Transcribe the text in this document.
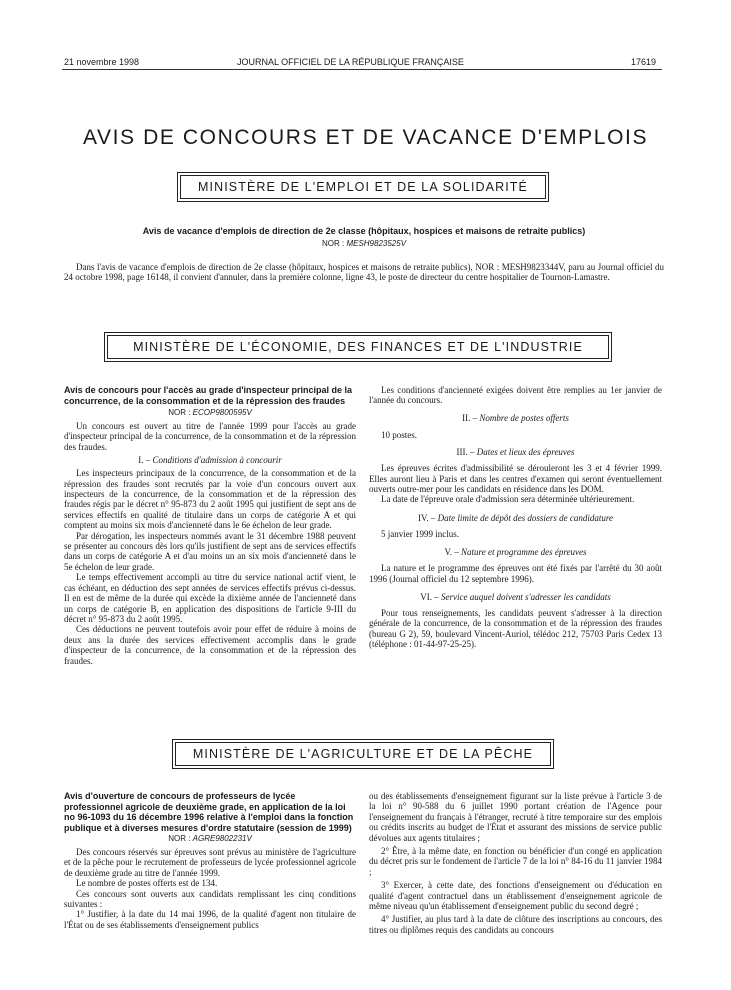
21 novembre 1998	JOURNAL OFFICIEL DE LA RÉPUBLIQUE FRANÇAISE	17619
AVIS DE CONCOURS ET DE VACANCE D'EMPLOIS
MINISTÈRE DE L'EMPLOI ET DE LA SOLIDARITÉ
Avis de vacance d'emplois de direction de 2e classe (hôpitaux, hospices et maisons de retraite publics)
NOR : MESH9823525V

Dans l'avis de vacance d'emplois de direction de 2e classe (hôpitaux, hospices et maisons de retraite publics), NOR : MESH9823344V, paru au Journal officiel du 24 octobre 1998, page 16148, il convient d'annuler, dans la première colonne, ligne 43, le poste de directeur du centre hospitalier de Tournon-Lamastre.

MINISTÈRE DE L'ÉCONOMIE, DES FINANCES ET DE L'INDUSTRIE
Avis de concours pour l'accès au grade d'inspecteur principal de la concurrence, de la consommation et de la répression des fraudes
NOR : ECOP9800595V

Un concours est ouvert au titre de l'année 1999 pour l'accès au grade d'inspecteur principal de la concurrence, de la consommation et de la répression des fraudes.

I. – Conditions d'admission à concourir

Les inspecteurs principaux de la concurrence, de la consommation et de la répression des fraudes sont recrutés par la voie d'un concours ouvert aux inspecteurs de la concurrence, de la consommation et de la répression des fraudes régis par le décret n° 95-873 du 2 août 1995 qui justifient de sept ans de services effectifs en qualité de titulaire dans un corps de catégorie A et qui comptent au moins six mois d'ancienneté dans le 6e échelon de leur grade.

Par dérogation, les inspecteurs nommés avant le 31 décembre 1988 peuvent se présenter au concours dès lors qu'ils justifient de sept ans de services effectifs dans un corps de catégorie A et d'au moins un an six mois d'ancienneté dans le 5e échelon de leur grade.

Le temps effectivement accompli au titre du service national actif vient, le cas échéant, en déduction des sept années de services effectifs prévus ci-dessus. Il en est de même de la durée qui excède la dixième année de l'ancienneté dans un corps de catégorie B, en application des dispositions de l'article 9-III du décret n° 95-873 du 2 août 1995.

Ces déductions ne peuvent toutefois avoir pour effet de réduire à moins de deux ans la durée des services effectivement accomplis dans le grade d'inspecteur de la concurrence, de la consommation et de la répression des fraudes.

Les conditions d'ancienneté exigées doivent être remplies au 1er janvier de l'année du concours.

II. – Nombre de postes offerts

10 postes.

III. – Dates et lieux des épreuves

Les épreuves écrites d'admissibilité se dérouleront les 3 et 4 février 1999. Elles auront lieu à Paris et dans les centres d'examen qui seront éventuellement ouverts outre-mer pour les candidats en résidence dans les DOM.

La date de l'épreuve orale d'admission sera déterminée ultérieurement.

IV. – Date limite de dépôt des dossiers de candidature

5 janvier 1999 inclus.

V. – Nature et programme des épreuves

La nature et le programme des épreuves ont été fixés par l'arrêté du 30 août 1996 (Journal officiel du 12 septembre 1996).

VI. – Service auquel doivent s'adresser les candidats

Pour tous renseignements, les candidats peuvent s'adresser à la direction générale de la concurrence, de la consommation et de la répression des fraudes (bureau G 2), 59, boulevard Vincent-Auriol, télédoc 212, 75703 Paris Cedex 13 (téléphone : 01-44-97-25-25).

MINISTÈRE DE L'AGRICULTURE ET DE LA PÊCHE
Avis d'ouverture de concours de professeurs de lycée professionnel agricole de deuxième grade, en application de la loi no 96-1093 du 16 décembre 1996 relative à l'emploi dans la fonction publique et à diverses mesures d'ordre statutaire (session de 1999)
NOR : AGRE9802231V

Des concours réservés sur épreuves sont prévus au ministère de l'agriculture et de la pêche pour le recrutement de professeurs de lycée professionnel agricole de deuxième grade au titre de l'année 1999.

Le nombre de postes offerts est de 134.

Ces concours sont ouverts aux candidats remplissant les cinq conditions suivantes :

1° Justifier, à la date du 14 mai 1996, de la qualité d'agent non titulaire de l'État ou de ses établissements d'enseignement publics

ou des établissements d'enseignement figurant sur la liste prévue à l'article 3 de la loi n° 90-588 du 6 juillet 1990 portant création de l'Agence pour l'enseignement du français à l'étranger, recruté à titre temporaire sur des emplois ou crédits inscrits au budget de l'État et assurant des missions de service public dévolues aux agents titulaires ;

2° Être, à la même date, en fonction ou bénéficier d'un congé en application du décret pris sur le fondement de l'article 7 de la loi n° 84-16 du 11 janvier 1984 ;

3° Exercer, à cette date, des fonctions d'enseignement ou d'éducation en qualité d'agent contractuel dans un établissement d'enseignement agricole de même niveau qu'un établissement d'enseignement public du second degré ;

4° Justifier, au plus tard à la date de clôture des inscriptions au concours, des titres ou diplômes requis des candidats au concours
